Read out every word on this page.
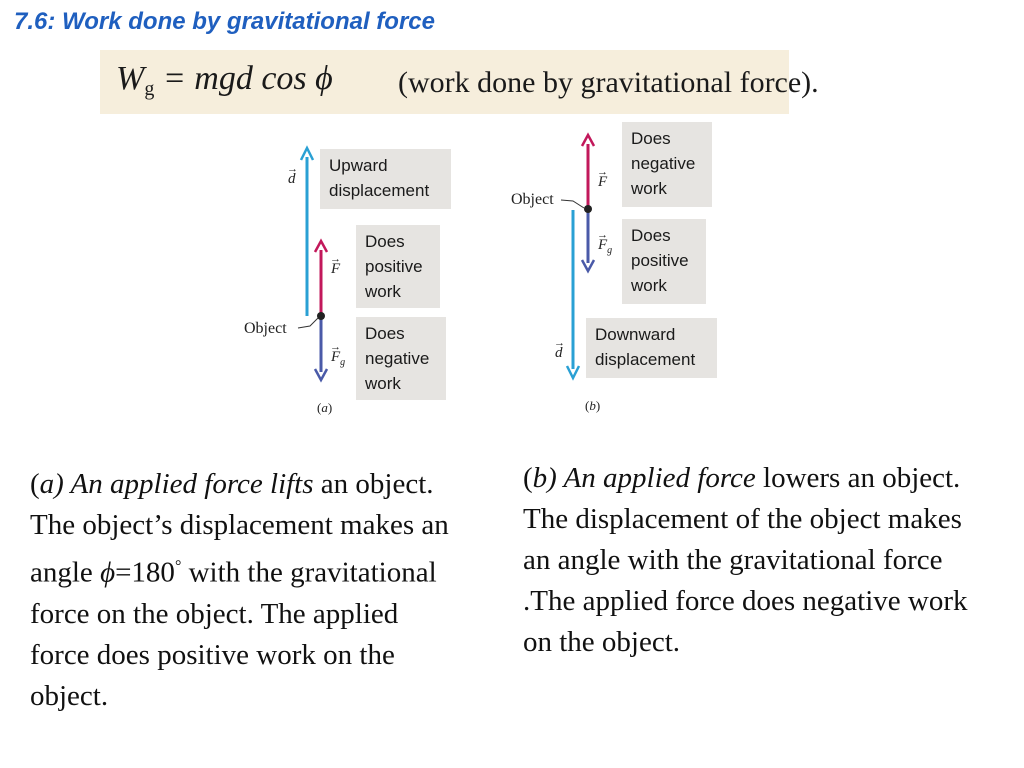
7.6: Work done by gravitational force
$W_g$ = mgd cos ϕ (work done by gravitational force).
Upward
displacement
Does
positive
work
Does
negative
work
Object
→
d
→
F
→
$F_g$
(a)
Does
negative
work
Does
positive
work
Downward
displacement
Object
→
F
→
$F_g$
→
d
(b)

(a) An applied force lifts an object. The object’s displacement makes an angle ϕ=180° with the gravitational force on the object. The applied force does positive work on the object.

(b) An applied force lowers an object. The displacement of the object makes an angle with the gravitational force .The applied force does negative work on the object.
